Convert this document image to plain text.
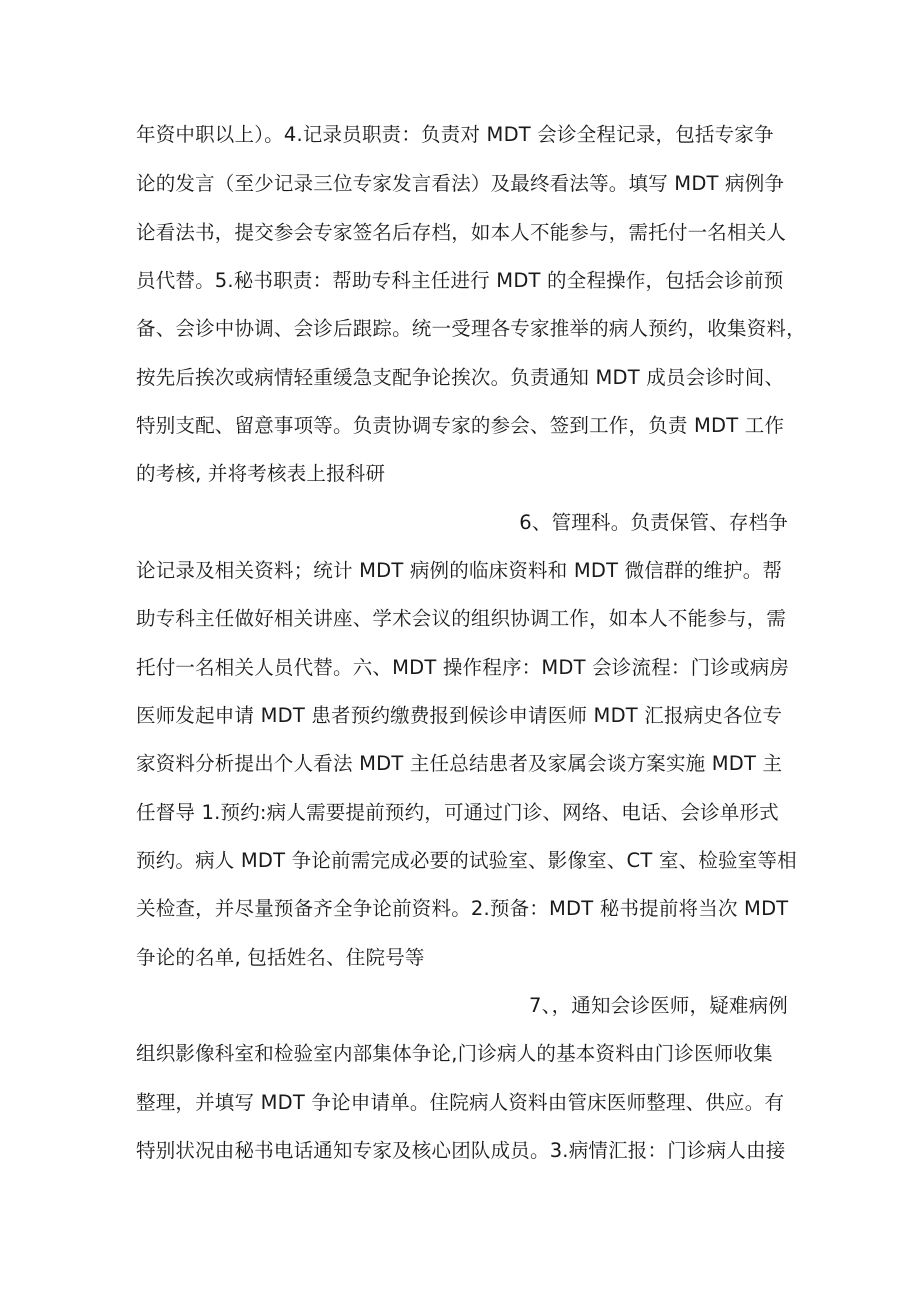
年资中职以上）。4.记录员职责：负责对 MDT 会诊全程记录，包括专家争
论的发言（至少记录三位专家发言看法）及最终看法等。填写 MDT 病例争
论看法书，提交参会专家签名后存档，如本人不能参与，需托付一名相关人
员代替。5.秘书职责：帮助专科主任进行 MDT 的全程操作，包括会诊前预
备、会诊中协调、会诊后跟踪。统一受理各专家推举的病人预约，收集资料，
按先后挨次或病情轻重缓急支配争论挨次。负责通知 MDT 成员会诊时间、
特别支配、留意事项等。负责协调专家的参会、签到工作，负责 MDT 工作
的考核, 并将考核表上报科研
6、管理科。负责保管、存档争
论记录及相关资料；统计 MDT 病例的临床资料和 MDT 微信群的维护。帮
助专科主任做好相关讲座、学术会议的组织协调工作，如本人不能参与，需
托付一名相关人员代替。六、MDT 操作程序：MDT 会诊流程：门诊或病房
医师发起申请 MDT 患者预约缴费报到候诊申请医师 MDT 汇报病史各位专
家资料分析提出个人看法 MDT 主任总结患者及家属会谈方案实施 MDT 主
任督导 1.预约:病人需要提前预约，可通过门诊、网络、电话、会诊单形式
预约。病人 MDT 争论前需完成必要的试验室、影像室、CT 室、检验室等相
关检查，并尽量预备齐全争论前资料。2.预备：MDT 秘书提前将当次 MDT
争论的名单, 包括姓名、住院号等
7、，通知会诊医师，疑难病例
组织影像科室和检验室内部集体争论,门诊病人的基本资料由门诊医师收集
整理，并填写 MDT 争论申请单。住院病人资料由管床医师整理、供应。有
特别状况由秘书电话通知专家及核心团队成员。3.病情汇报：门诊病人由接
